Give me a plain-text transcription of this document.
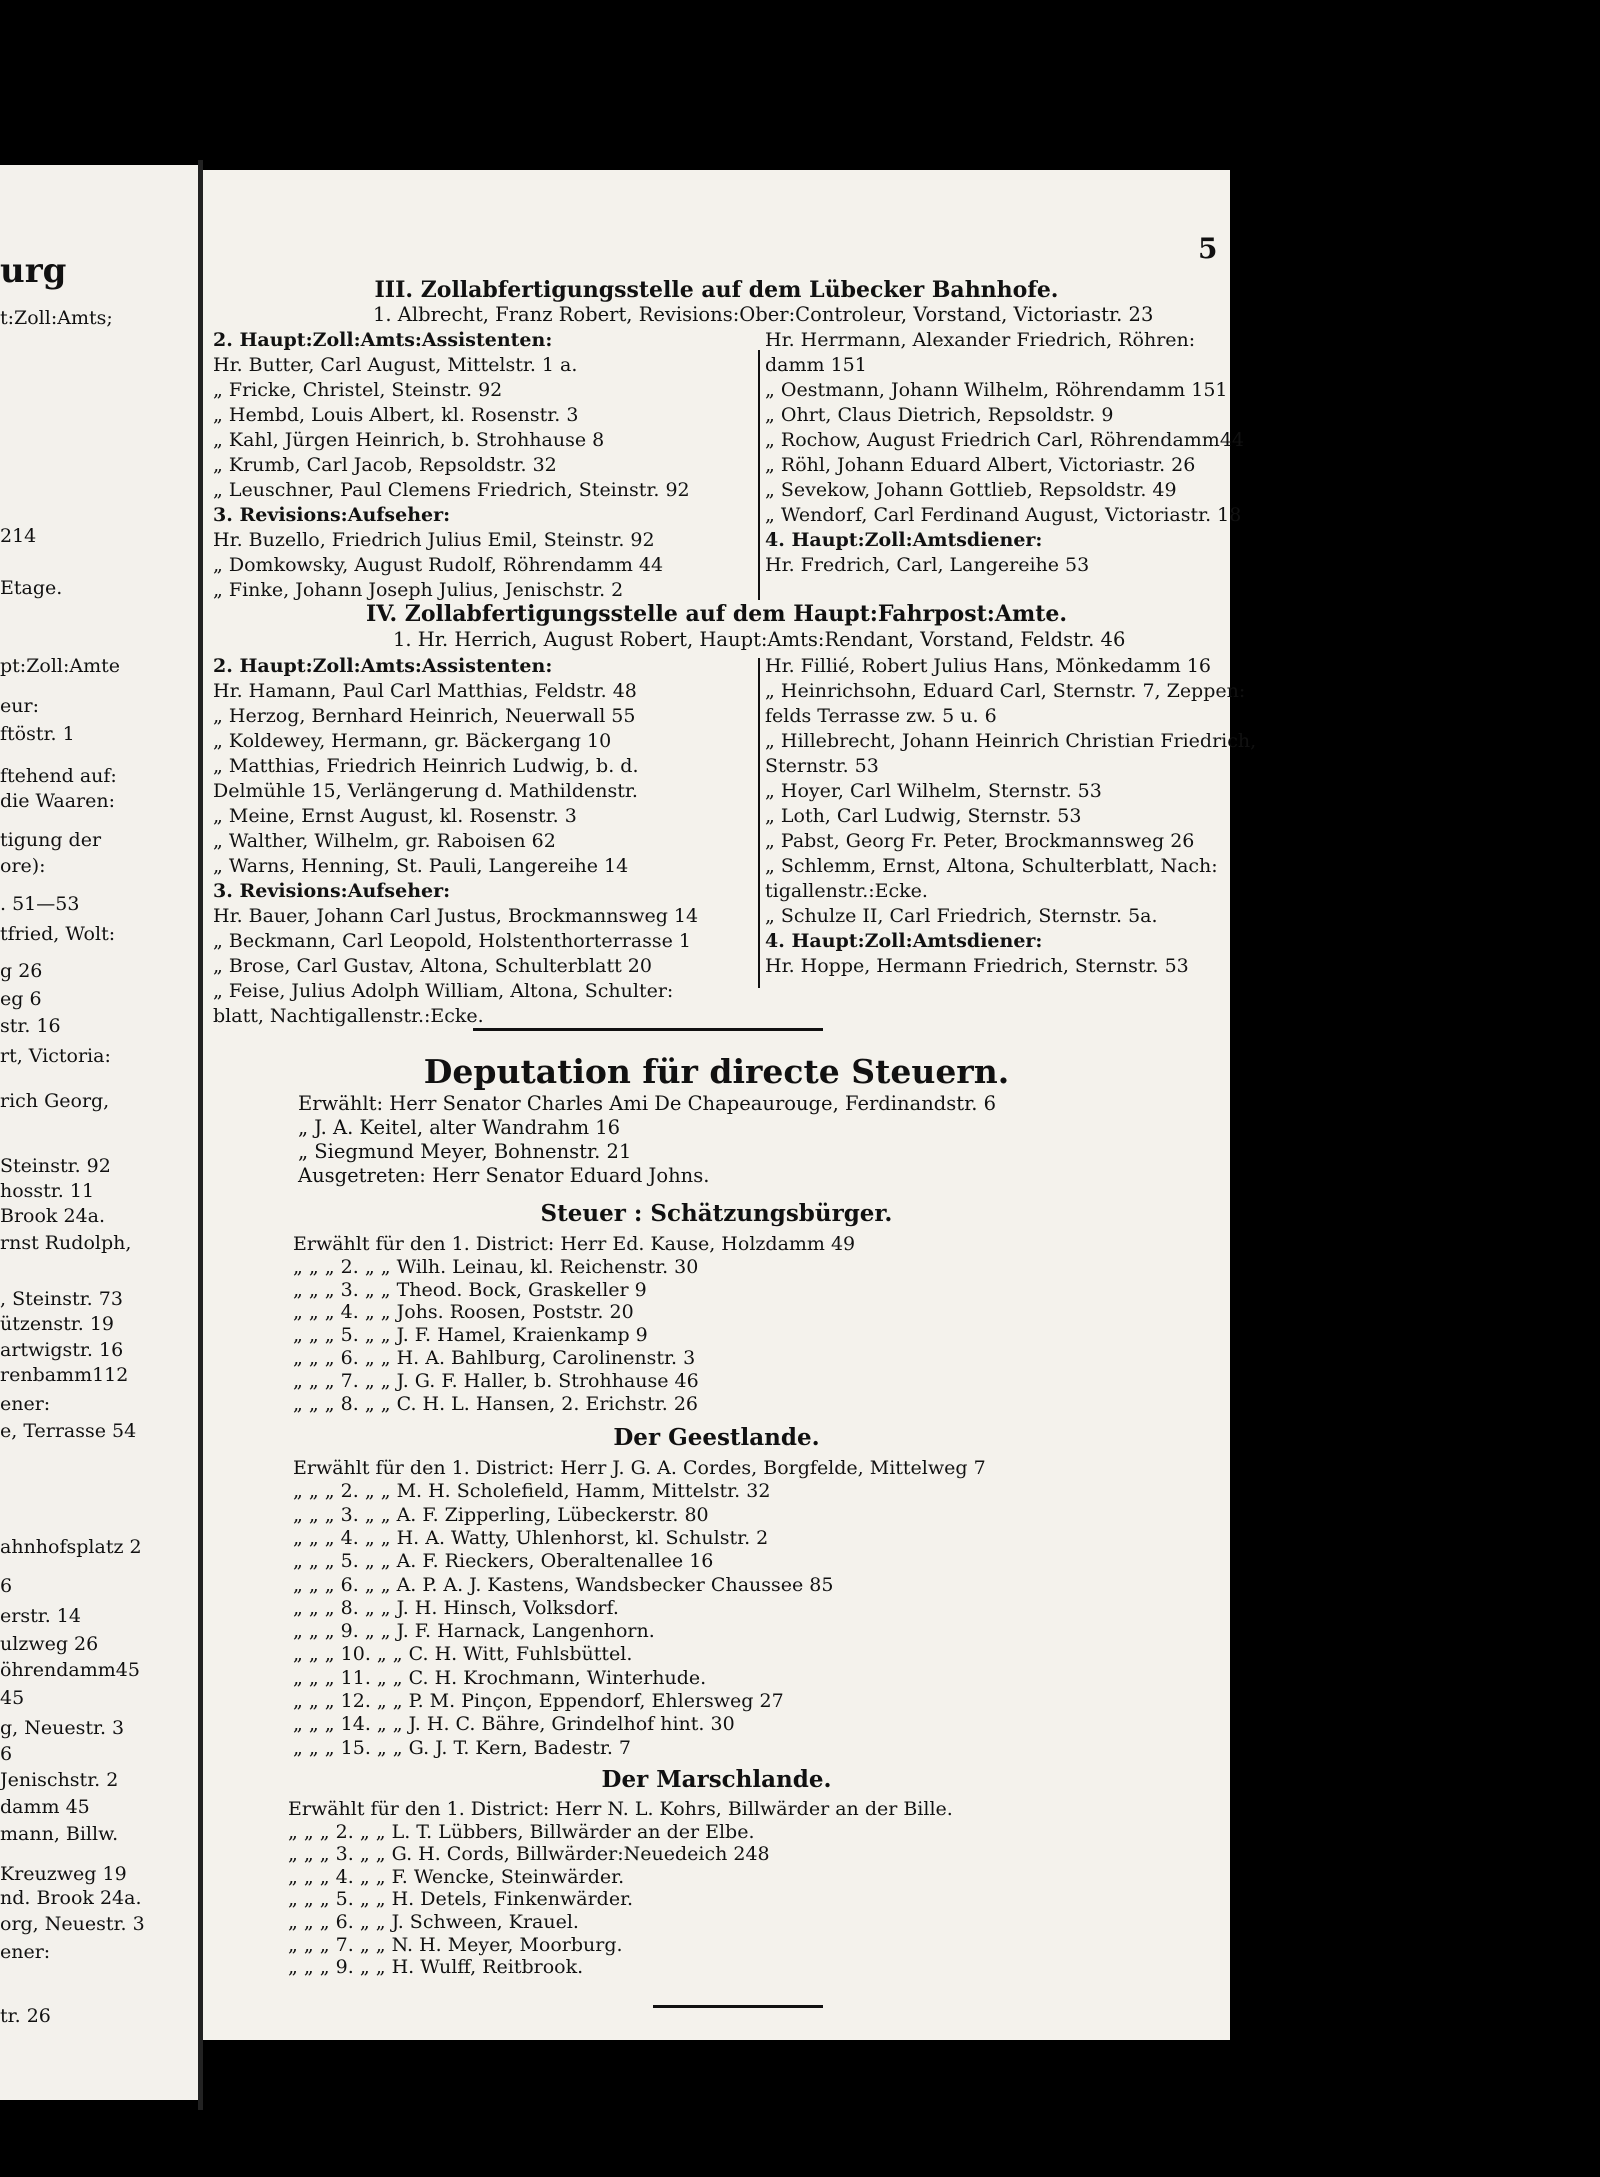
urg
t:Zoll:Amts;
214
Etage.
pt:Zoll:Amte
eur:
ftöstr. 1
ftehend auf:
die Waaren:
tigung der
ore):
. 51—53
tfried, Wolt:
g 26
eg 6
str. 16
rt, Victoria:
rich Georg,
Steinstr. 92
hosstr. 11
Brook 24a.
rnst Rudolph,
, Steinstr. 73
ützenstr. 19
artwigstr. 16
renbamm112
ener:
e, Terrasse 54
ahnhofsplatz 2
6
erstr. 14
ulzweg 26
öhrendamm45
45
g, Neuestr. 3
6
Jenischstr. 2
damm 45
mann, Billw.
Kreuzweg 19
nd. Brook 24a.
org, Neuestr. 3
ener:
tr. 26
5
III. Zollabfertigungsstelle auf dem Lübecker Bahnhofe.
1. Albrecht, Franz Robert, Revisions:Ober:Controleur, Vorstand, Victoriastr. 23
2. Haupt:Zoll:Amts:Assistenten:
Hr. Butter, Carl August, Mittelstr. 1 a.
„ Fricke, Christel, Steinstr. 92
„ Hembd, Louis Albert, kl. Rosenstr. 3
„ Kahl, Jürgen Heinrich, b. Strohhause 8
„ Krumb, Carl Jacob, Repsoldstr. 32
„ Leuschner, Paul Clemens Friedrich, Steinstr. 92
3. Revisions:Aufseher:
Hr. Buzello, Friedrich Julius Emil, Steinstr. 92
„ Domkowsky, August Rudolf, Röhrendamm 44
„ Finke, Johann Joseph Julius, Jenischstr. 2
Hr. Herrmann, Alexander Friedrich, Röhren:
damm 151
„ Oestmann, Johann Wilhelm, Röhrendamm 151
„ Ohrt, Claus Dietrich, Repsoldstr. 9
„ Rochow, August Friedrich Carl, Röhrendamm44
„ Röhl, Johann Eduard Albert, Victoriastr. 26
„ Sevekow, Johann Gottlieb, Repsoldstr. 49
„ Wendorf, Carl Ferdinand August, Victoriastr. 18
4. Haupt:Zoll:Amtsdiener:
Hr. Fredrich, Carl, Langereihe 53
IV. Zollabfertigungsstelle auf dem Haupt:Fahrpost:Amte.
1. Hr. Herrich, August Robert, Haupt:Amts:Rendant, Vorstand, Feldstr. 46
2. Haupt:Zoll:Amts:Assistenten:
Hr. Hamann, Paul Carl Matthias, Feldstr. 48
„ Herzog, Bernhard Heinrich, Neuerwall 55
„ Koldewey, Hermann, gr. Bäckergang 10
„ Matthias, Friedrich Heinrich Ludwig, b. d.
Delmühle 15, Verlängerung d. Mathildenstr.
„ Meine, Ernst August, kl. Rosenstr. 3
„ Walther, Wilhelm, gr. Raboisen 62
„ Warns, Henning, St. Pauli, Langereihe 14
3. Revisions:Aufseher:
Hr. Bauer, Johann Carl Justus, Brockmannsweg 14
„ Beckmann, Carl Leopold, Holstenthorterrasse 1
„ Brose, Carl Gustav, Altona, Schulterblatt 20
„ Feise, Julius Adolph William, Altona, Schulter:
blatt, Nachtigallenstr.:Ecke.
Hr. Fillié, Robert Julius Hans, Mönkedamm 16
„ Heinrichsohn, Eduard Carl, Sternstr. 7, Zeppen:
felds Terrasse zw. 5 u. 6
„ Hillebrecht, Johann Heinrich Christian Friedrich,
Sternstr. 53
„ Hoyer, Carl Wilhelm, Sternstr. 53
„ Loth, Carl Ludwig, Sternstr. 53
„ Pabst, Georg Fr. Peter, Brockmannsweg 26
„ Schlemm, Ernst, Altona, Schulterblatt, Nach:
tigallenstr.:Ecke.
„ Schulze II, Carl Friedrich, Sternstr. 5a.
4. Haupt:Zoll:Amtsdiener:
Hr. Hoppe, Hermann Friedrich, Sternstr. 53
Deputation für directe Steuern.
Erwählt: Herr Senator Charles Ami De Chapeaurouge, Ferdinandstr. 6
„ J. A. Keitel, alter Wandrahm 16
„ Siegmund Meyer, Bohnenstr. 21
Ausgetreten: Herr Senator Eduard Johns.
Steuer : Schätzungsbürger.
Erwählt für den 1. District: Herr Ed. Kause, Holzdamm 49
„ „ „ 2. „ „ Wilh. Leinau, kl. Reichenstr. 30
„ „ „ 3. „ „ Theod. Bock, Graskeller 9
„ „ „ 4. „ „ Johs. Roosen, Poststr. 20
„ „ „ 5. „ „ J. F. Hamel, Kraienkamp 9
„ „ „ 6. „ „ H. A. Bahlburg, Carolinenstr. 3
„ „ „ 7. „ „ J. G. F. Haller, b. Strohhause 46
„ „ „ 8. „ „ C. H. L. Hansen, 2. Erichstr. 26
Der Geestlande.
Erwählt für den 1. District: Herr J. G. A. Cordes, Borgfelde, Mittelweg 7
„ „ „ 2. „ „ M. H. Scholefield, Hamm, Mittelstr. 32
„ „ „ 3. „ „ A. F. Zipperling, Lübeckerstr. 80
„ „ „ 4. „ „ H. A. Watty, Uhlenhorst, kl. Schulstr. 2
„ „ „ 5. „ „ A. F. Rieckers, Oberaltenallee 16
„ „ „ 6. „ „ A. P. A. J. Kastens, Wandsbecker Chaussee 85
„ „ „ 8. „ „ J. H. Hinsch, Volksdorf.
„ „ „ 9. „ „ J. F. Harnack, Langenhorn.
„ „ „ 10. „ „ C. H. Witt, Fuhlsbüttel.
„ „ „ 11. „ „ C. H. Krochmann, Winterhude.
„ „ „ 12. „ „ P. M. Pinçon, Eppendorf, Ehlersweg 27
„ „ „ 14. „ „ J. H. C. Bähre, Grindelhof hint. 30
„ „ „ 15. „ „ G. J. T. Kern, Badestr. 7
Der Marschlande.
Erwählt für den 1. District: Herr N. L. Kohrs, Billwärder an der Bille.
„ „ „ 2. „ „ L. T. Lübbers, Billwärder an der Elbe.
„ „ „ 3. „ „ G. H. Cords, Billwärder:Neuedeich 248
„ „ „ 4. „ „ F. Wencke, Steinwärder.
„ „ „ 5. „ „ H. Detels, Finkenwärder.
„ „ „ 6. „ „ J. Schween, Krauel.
„ „ „ 7. „ „ N. H. Meyer, Moorburg.
„ „ „ 9. „ „ H. Wulff, Reitbrook.
